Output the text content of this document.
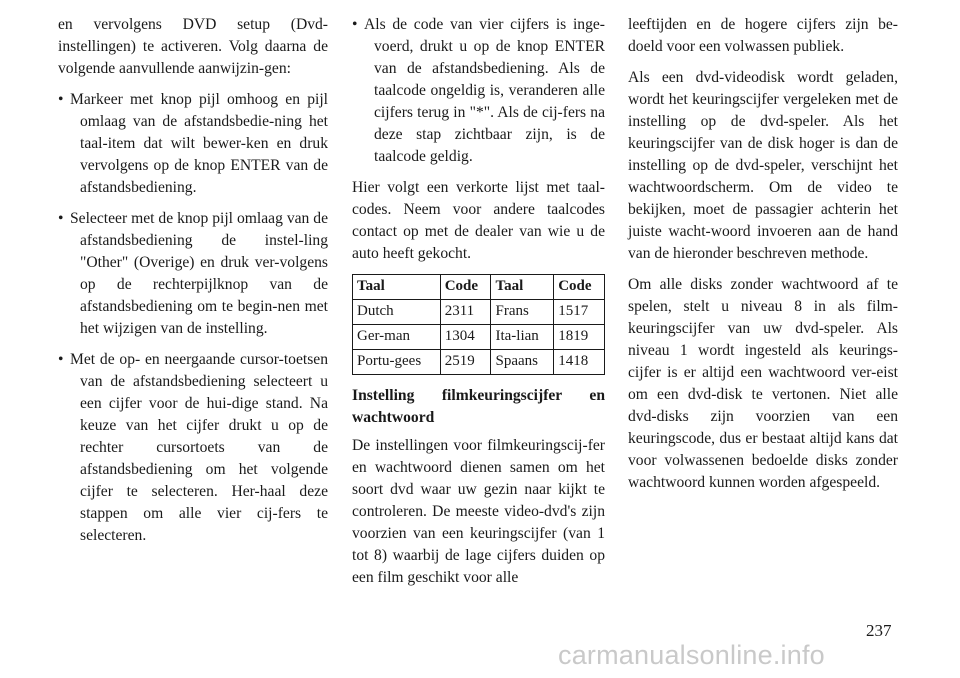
en vervolgens DVD setup (Dvd-instellingen) te activeren. Volg daarna de volgende aanvullende aanwijzin-gen:

• Markeer met knop pijl omhoog en pijl omlaag van de afstandsbedie-ning het taal-item dat wilt bewer-ken en druk vervolgens op de knop ENTER van de afstandsbediening.
• Selecteer met de knop pijl omlaag van de afstandsbediening de instel-ling "Other" (Overige) en druk ver-volgens op de rechterpijlknop van de afstandsbediening om te begin-nen met het wijzigen van de instelling.
• Met de op- en neergaande cursor-toetsen van de afstandsbediening selecteert u een cijfer voor de hui-dige stand. Na keuze van het cijfer drukt u op de rechter cursortoets van de afstandsbediening om het volgende cijfer te selecteren. Her-haal deze stappen om alle vier cij-fers te selecteren.
• Als de code van vier cijfers is inge-voerd, drukt u op de knop ENTER van de afstandsbediening. Als de taalcode ongeldig is, veranderen alle cijfers terug in "*". Als de cij-fers na deze stap zichtbaar zijn, is de taalcode geldig.

Hier volgt een verkorte lijst met taal-codes. Neem voor andere taalcodes contact op met de dealer van wie u de auto heeft gekocht.

Taal	Code	Taal	Code
Dutch	2311	Frans	1517
Ger-man	1304	Ita-lian	1819
Portu-gees	2519	Spaans	1418
Instelling filmkeuringscijfer en wachtwoord

De instellingen voor filmkeuringscij-fer en wachtwoord dienen samen om het soort dvd waar uw gezin naar kijkt te controleren. De meeste video-dvd's zijn voorzien van een keuringscijfer (van 1 tot 8) waarbij de lage cijfers duiden op een film geschikt voor alle

leeftijden en de hogere cijfers zijn be-doeld voor een volwassen publiek.

Als een dvd-videodisk wordt geladen, wordt het keuringscijfer vergeleken met de instelling op de dvd-speler. Als het keuringscijfer van de disk hoger is dan de instelling op de dvd-speler, verschijnt het wachtwoordscherm. Om de video te bekijken, moet de passagier achterin het juiste wacht-woord invoeren aan de hand van de hieronder beschreven methode.

Om alle disks zonder wachtwoord af te spelen, stelt u niveau 8 in als film-keuringscijfer van uw dvd-speler. Als niveau 1 wordt ingesteld als keurings-cijfer is er altijd een wachtwoord ver-eist om een dvd-disk te vertonen. Niet alle dvd-disks zijn voorzien van een keuringscode, dus er bestaat altijd kans dat voor volwassenen bedoelde disks zonder wachtwoord kunnen worden afgespeeld.

237
carmanualsonline.info
